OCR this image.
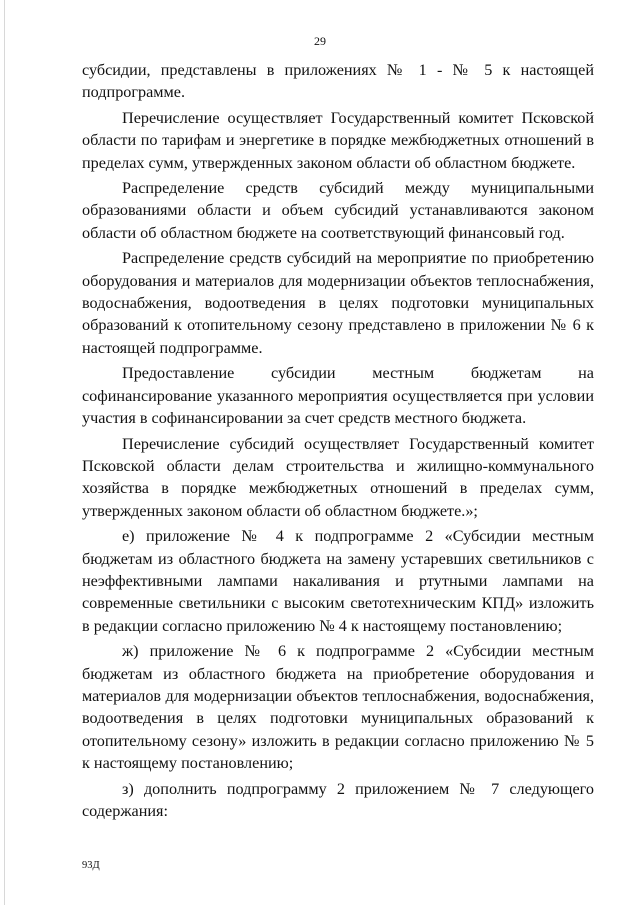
29

субсидии, представлены в приложениях № 1 - № 5 к настоящей подпрограмме.

Перечисление осуществляет Государственный комитет Псковской области по тарифам и энергетике в порядке межбюджетных отношений в пределах сумм, утвержденных законом области об областном бюджете.

Распределение средств субсидий между муниципальными образованиями области и объем субсидий устанавливаются законом области об областном бюджете на соответствующий финансовый год.

Распределение средств субсидий на мероприятие по приобретению оборудования и материалов для модернизации объектов теплоснабжения, водоснабжения, водоотведения в целях подготовки муниципальных образований к отопительному сезону представлено в приложении № 6 к настоящей подпрограмме.

Предоставление субсидии местным бюджетам на софинансирование указанного мероприятия осуществляется при условии участия в софинансировании за счет средств местного бюджета.

Перечисление субсидий осуществляет Государственный комитет Псковской области делам строительства и жилищно-коммунального хозяйства в порядке межбюджетных отношений в пределах сумм, утвержденных законом области об областном бюджете.»;

е) приложение № 4 к подпрограмме 2 «Субсидии местным бюджетам из областного бюджета на замену устаревших светильников с неэффективными лампами накаливания и ртутными лампами на современные светильники с высоким светотехническим КПД» изложить в редакции согласно приложению № 4 к настоящему постановлению;

ж) приложение № 6 к подпрограмме 2 «Субсидии местным бюджетам из областного бюджета на приобретение оборудования и материалов для модернизации объектов теплоснабжения, водоснабжения, водоотведения в целях подготовки муниципальных образований к отопительному сезону» изложить в редакции согласно приложению № 5 к настоящему постановлению;

з) дополнить подпрограмму 2 приложением № 7 следующего содержания:

93Д
